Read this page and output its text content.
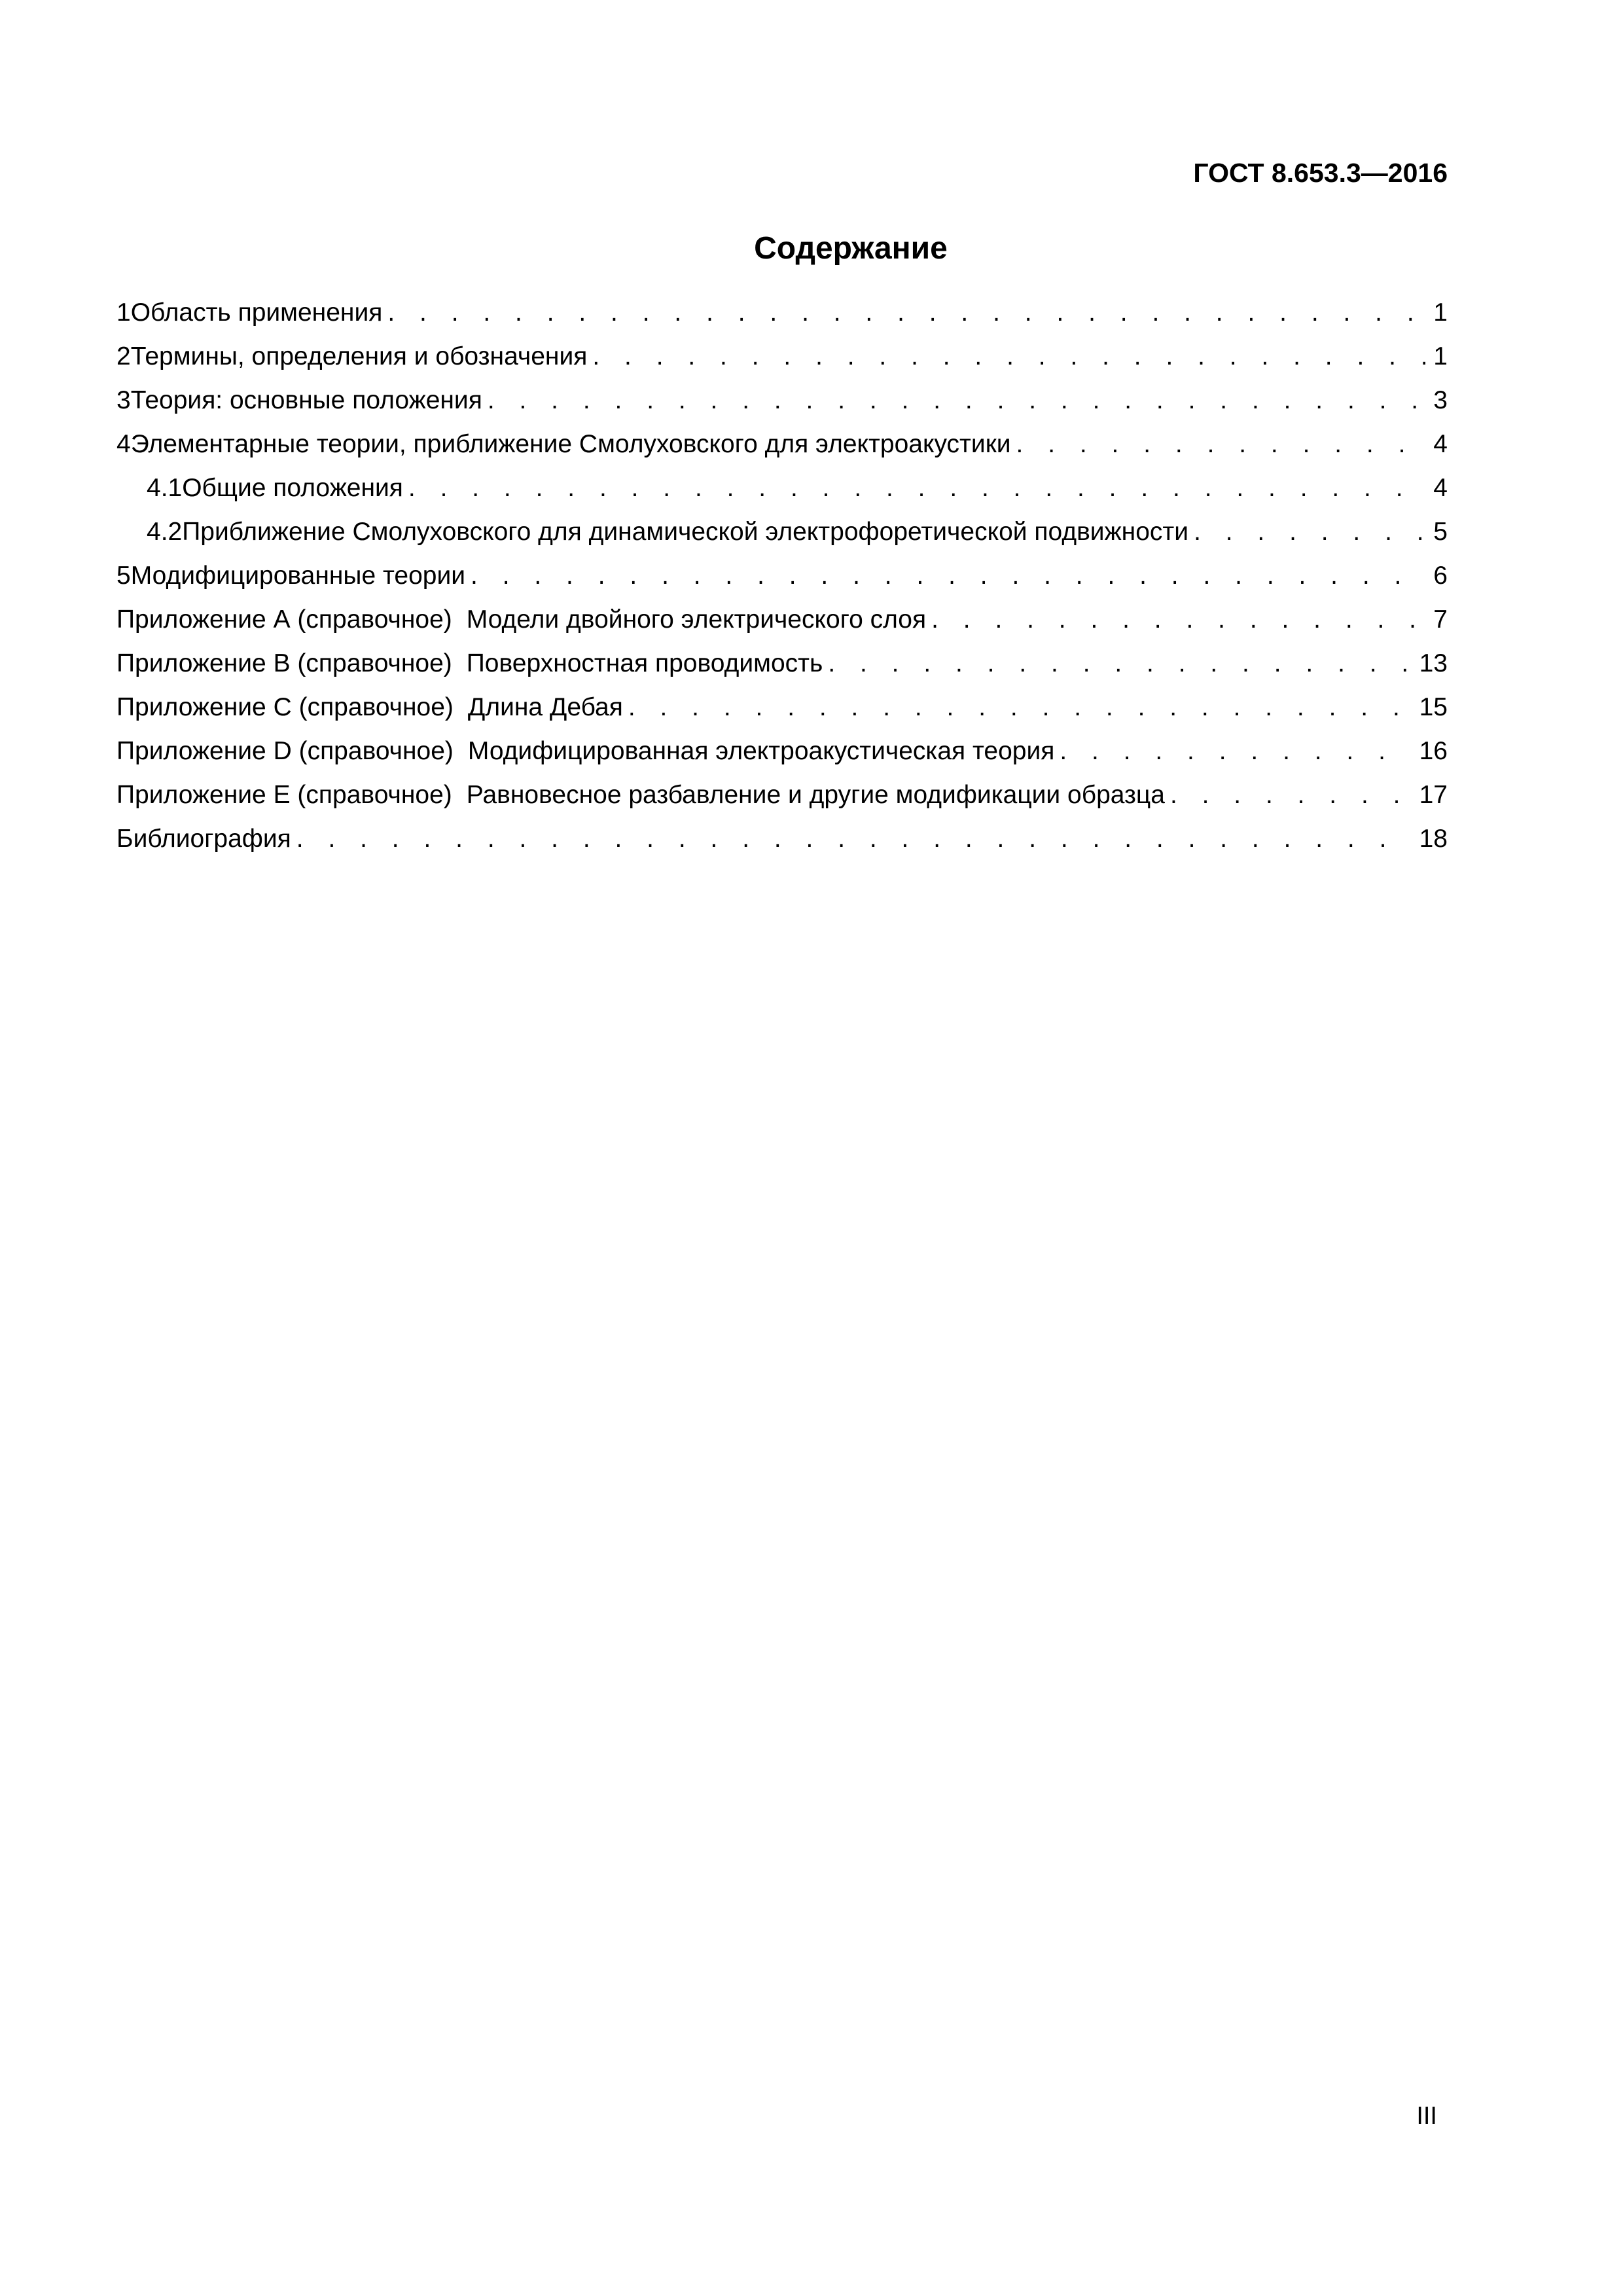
ГОСТ 8.653.3—2016
Содержание
1 Область применения . . .	1
2 Термины, определения и обозначения . . .	1
3 Теория: основные положения . . .	3
4 Элементарные теории, приближение Смолуховского для электроакустики . . .	4
4.1 Общие положения . . .	4
4.2 Приближение Смолуховского для динамической электрофоретической подвижности . . .	5
5 Модифицированные теории . . .	6
Приложение А (справочное) Модели двойного электрического слоя . . .	7
Приложение В (справочное) Поверхностная проводимость . . .	13
Приложение С (справочное) Длина Дебая . . .	15
Приложение D (справочное) Модифицированная электроакустическая теория . . .	16
Приложение Е (справочное) Равновесное разбавление и другие модификации образца . . .	17
Библиография . . .	18
III
